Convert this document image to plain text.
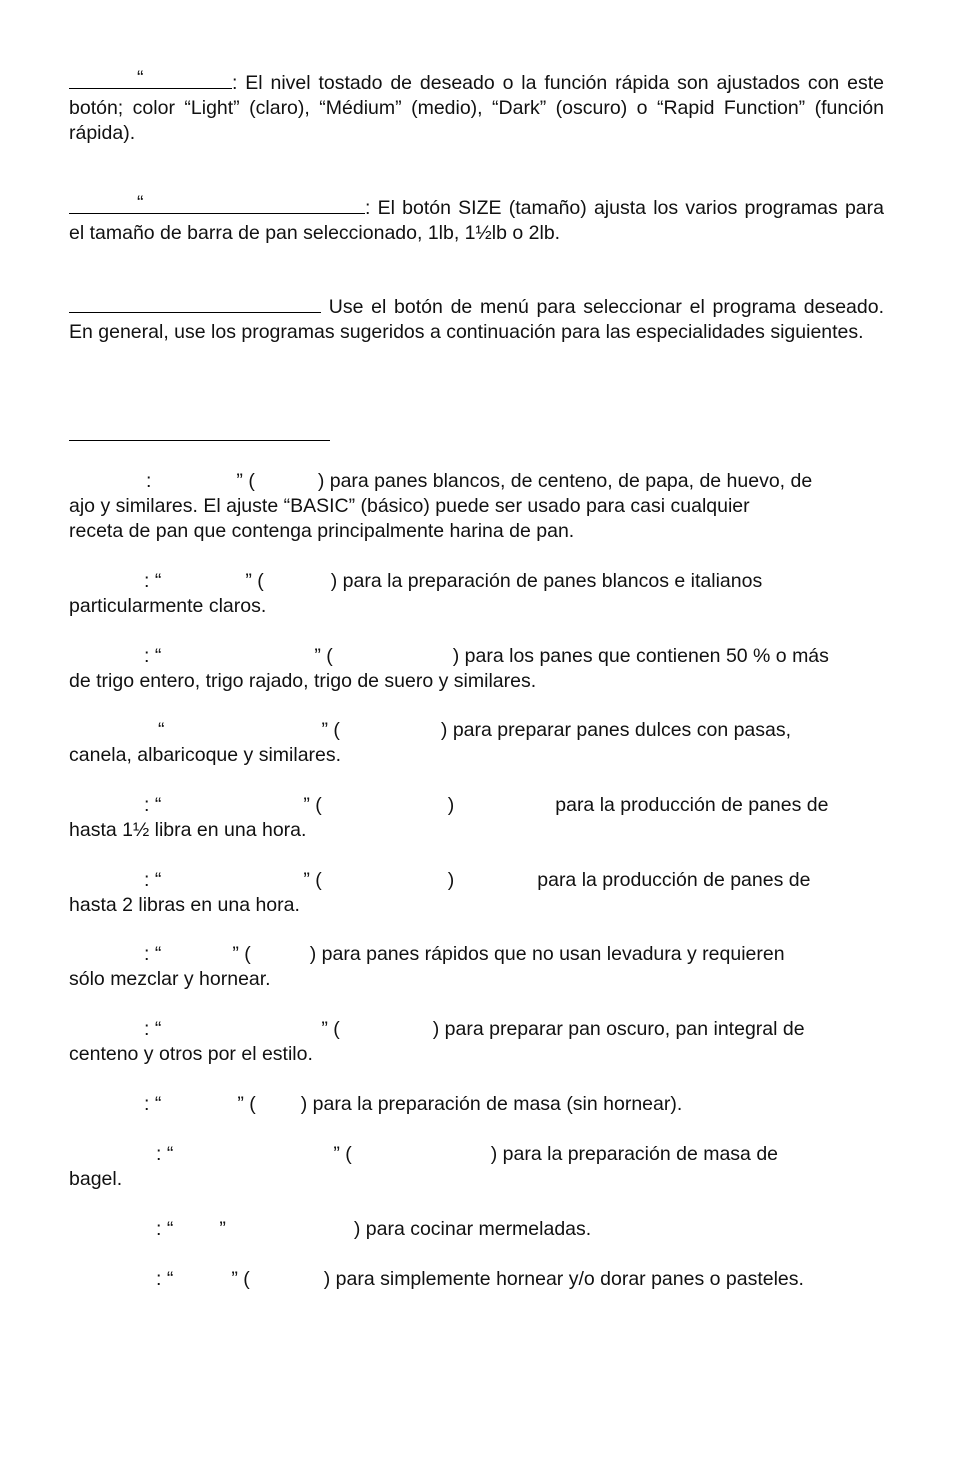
“	: El nivel tostado de deseado o la función rápida son ajustados con este botón; color “Light” (claro), “Médium” (medio), “Dark” (oscuro) o “Rapid Function” (función rápida).

“	: El botón SIZE (tamaño) ajusta los varios programas para el tamaño de barra de pan seleccionado, 1lb, 1½lb o 2lb.

Use el botón de menú para seleccionar el programa deseado. En general, use los programas sugeridos a continuación para las especialidades siguientes.

:	” (	) para panes blancos, de centeno, de papa, de huevo, de
ajo y similares. El ajuste “BASIC” (básico) puede ser usado para casi cualquier
receta de pan que contenga principalmente harina de pan.
: “	” (	) para la preparación de panes blancos e italianos
particularmente claros.
: “	” (	) para los panes que contienen 50 % o más
de trigo entero, trigo rajado, trigo de suero y similares.
“	” (	) para preparar panes dulces con pasas,
canela, albaricoque y similares.
: “	” (	)	para la producción de panes de
hasta 1½ libra en una hora.
: “	” (	)	para la producción de panes de
hasta 2 libras en una hora.
: “	” (	) para panes rápidos que no usan levadura y requieren
sólo mezclar y hornear.
: “	” (	) para preparar pan oscuro, pan integral de
centeno y otros por el estilo.
: “	” ( ) para la preparación de masa (sin hornear).
: “	” (	) para la preparación de masa de
bagel.
: “ ”	) para cocinar mermeladas.
: “	” (	) para simplemente hornear y/o dorar panes o pasteles.
